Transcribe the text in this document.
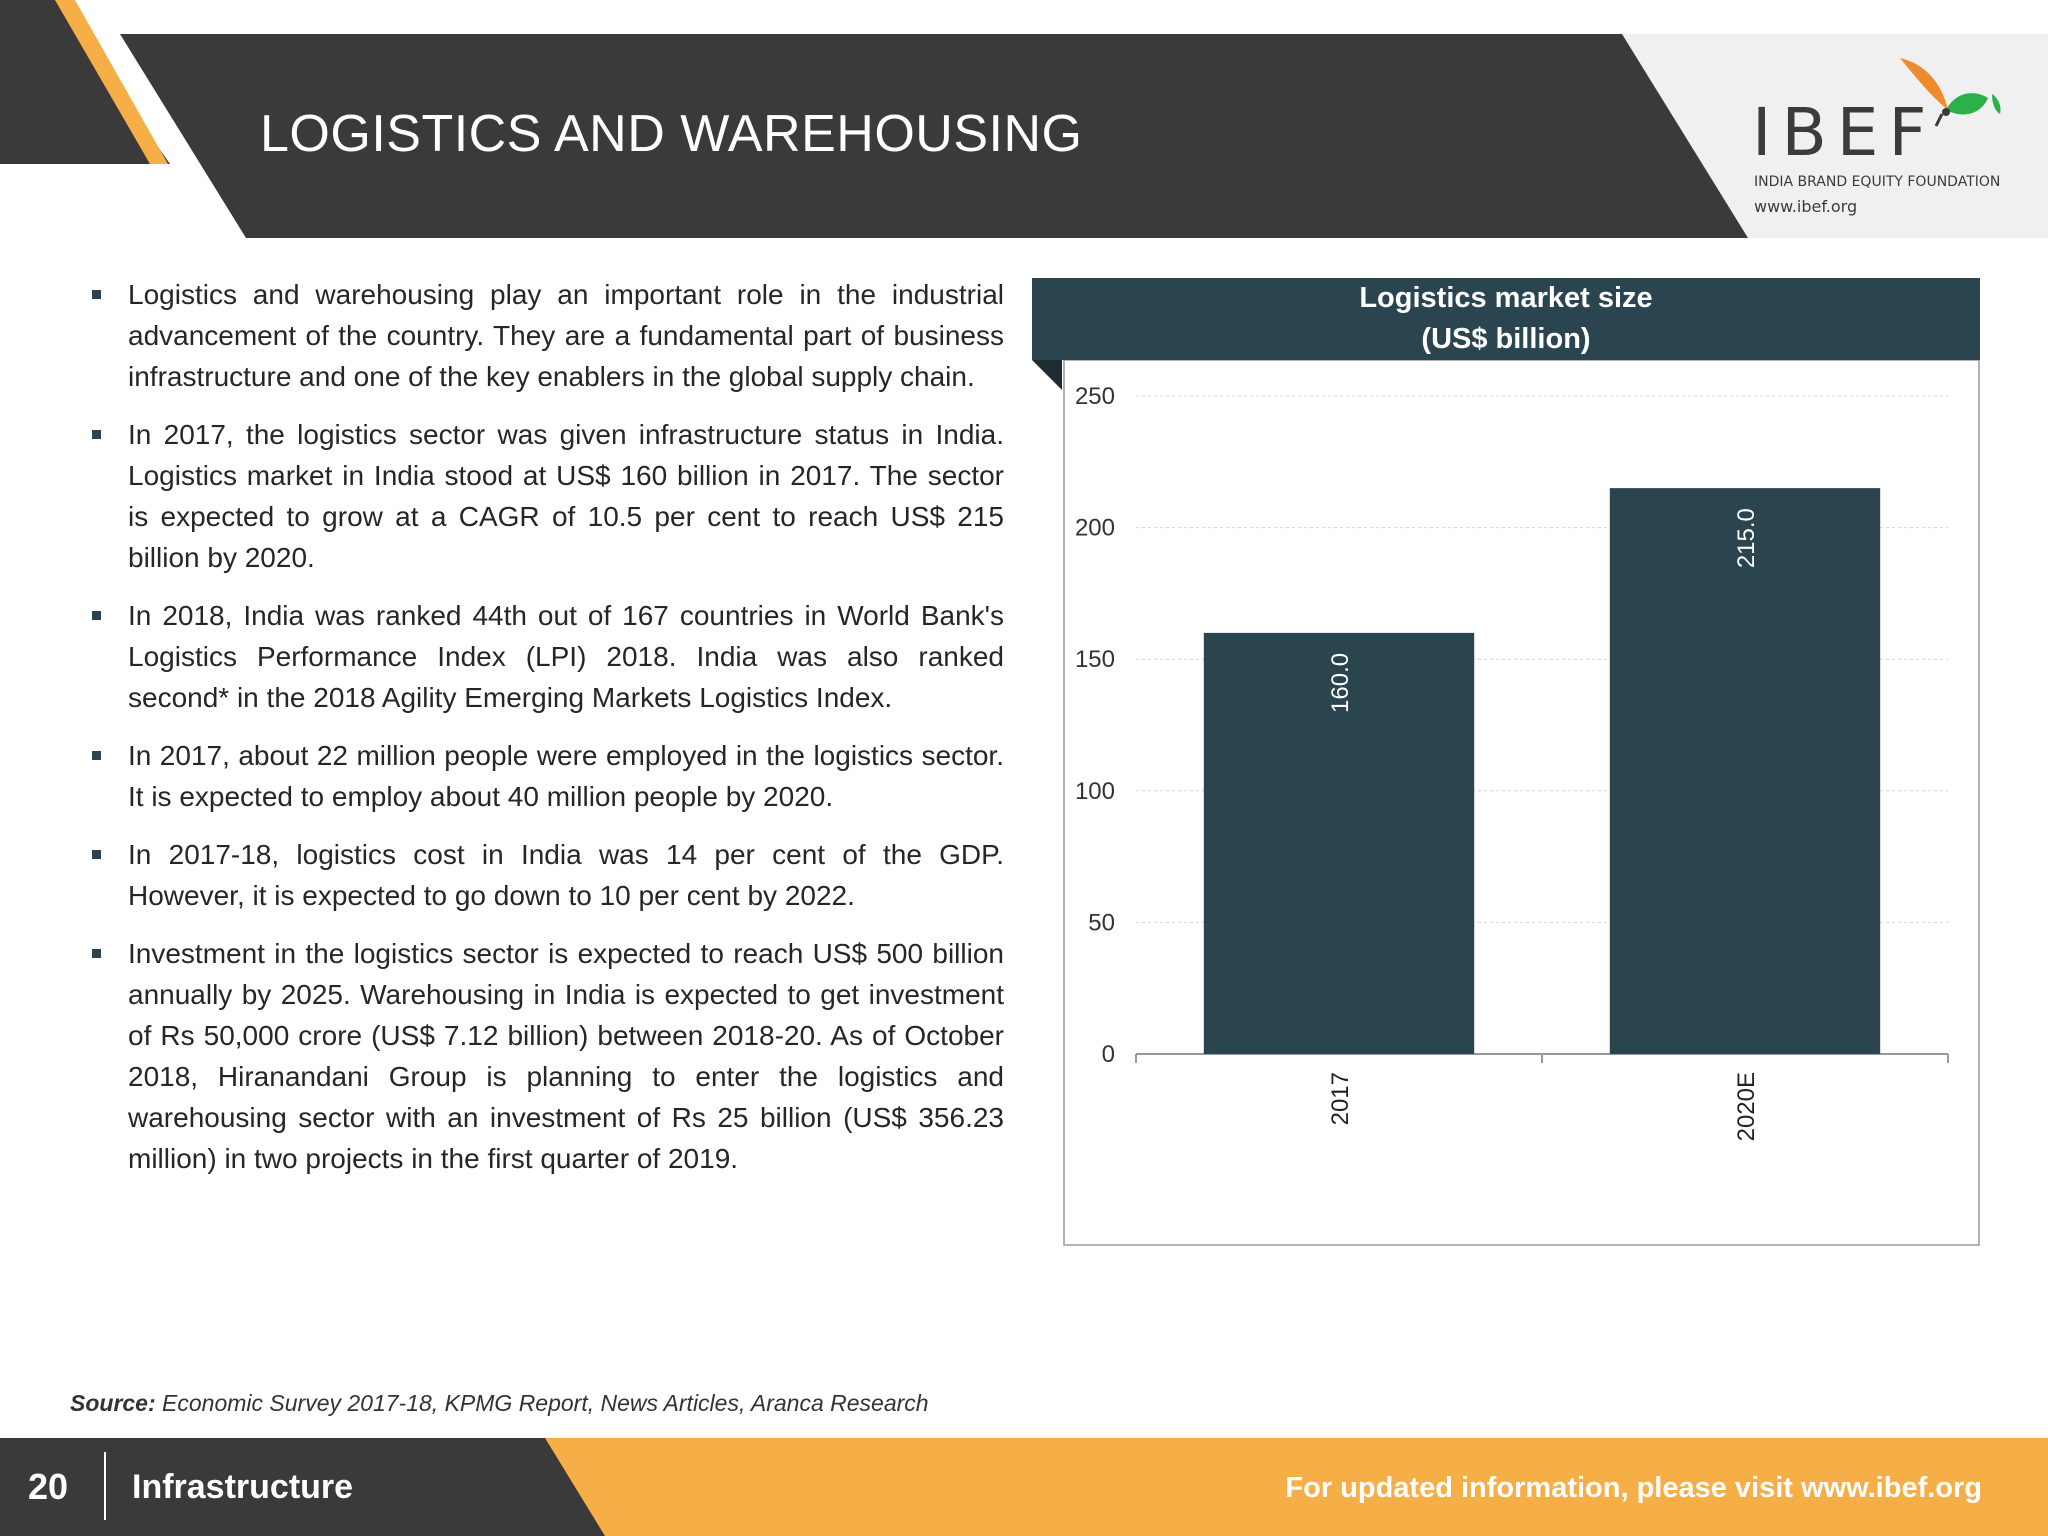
LOGISTICS AND WAREHOUSING	IBEF
INDIA BRAND EQUITY FOUNDATION
www.ibef.org
Logistics and warehousing play an important role in the industrial advancement of the country. They are a fundamental part of business infrastructure and one of the key enablers in the global supply chain.
In 2017, the logistics sector was given infrastructure status in India. Logistics market in India stood at US$ 160 billion in 2017. The sector is expected to grow at a CAGR of 10.5 per cent to reach US$ 215 billion by 2020.
In 2018, India was ranked 44th out of 167 countries in World Bank's Logistics Performance Index (LPI) 2018. India was also ranked second* in the 2018 Agility Emerging Markets Logistics Index.
In 2017, about 22 million people were employed in the logistics sector. It is expected to employ about 40 million people by 2020.
In 2017-18, logistics cost in India was 14 per cent of the GDP. However, it is expected to go down to 10 per cent by 2022.
Investment in the logistics sector is expected to reach US$ 500 billion annually by 2025. Warehousing in India is expected to get investment of Rs 50,000 crore (US$ 7.12 billion) between 2018-20. As of October 2018, Hiranandani Group is planning to enter the logistics and warehousing sector with an investment of Rs 25 billion (US$ 356.23 million) in two projects in the first quarter of 2019.
Logistics market size
(US$ billion)
0
50
100
150
200
250
160.0
2017
215.0
2020E
Source: Economic Survey 2017-18, KPMG Report, News Articles, Aranca Research
20 Infrastructure	For updated information, please visit www.ibef.org
